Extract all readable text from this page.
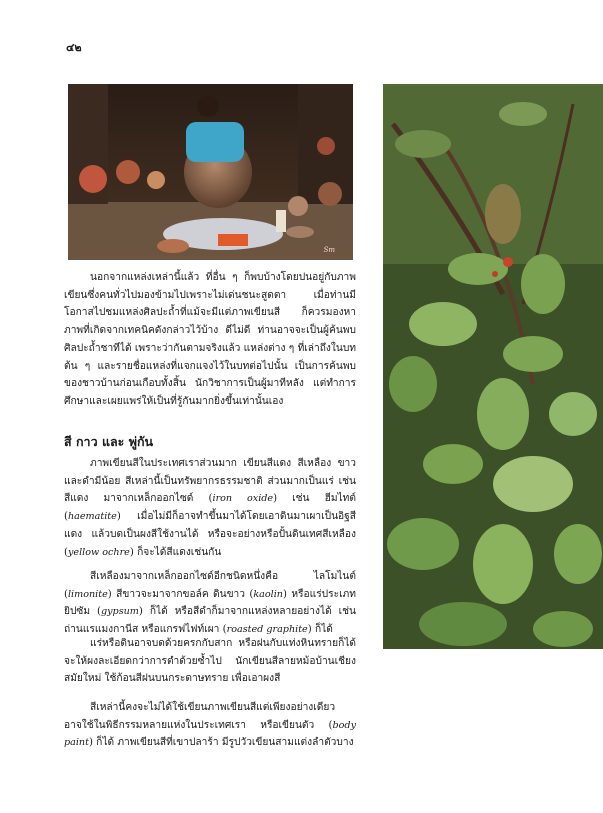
๔๒
Sm

นอกจากแหล่งเหล่านี้แล้ว ที่อื่น ๆ ก็พบบ้างโดยปนอยู่กับภาพเขียนซึ่งคนทั่วไปมองข้ามไปเพราะไม่เด่นชนะสูดตา เมื่อท่านมีโอกาสไปชมแหล่งศิลปะถ้ำที่แม้จะมีแต่ภาพเขียนสี ก็ควรมองหาภาพที่เกิดจากเทคนิคดังกล่าวไว้บ้าง ดีไม่ดี ท่านอาจจะเป็นผู้ค้นพบศิลปะถ้ำชาทีได้ เพราะว่ากันตามจริงแล้ว แหล่งต่าง ๆ ที่เล่าถึงในบทต้น ๆ และรายชื่อแหล่งที่แจกแจงไว้ในบทต่อไปนั้น เป็นการค้นพบของชาวบ้านก่อนเกือบทั้งสิ้น นักวิชาการเป็นผู้มาทีหลัง แต่ทำการศึกษาและเผยแพร่ให้เป็นที่รู้กันมากยิ่งขึ้นเท่านั้นเอง

สี กาว และ พู่กัน

ภาพเขียนสีในประเทศเราส่วนมาก เขียนสีแดง สีเหลือง ขาวและดำมีน้อย สีเหล่านี้เป็นทรัพยากรธรรมชาติ ส่วนมากเป็นแร่ เช่น สีแดง มาจากเหล็กออกไซด์ (iron oxide) เช่น ฮีมไทต์ (haematite) เมื่อไม่มีก็อาจทำขึ้นมาได้โดยเอาดินมาเผาเป็นอิฐสีแดง แล้วบดเป็นผงสีใช้งานได้ หรือจะอย่างหรือปั้นดินเทศสีเหลือง (yellow ochre) ก็จะได้สีแดงเช่นกัน

สีเหลืองมาจากเหล็กออกไซด์อีกชนิดหนึ่งคือ ไลโมไนต์ (limonite) สีขาวจะมาจากขอล์ค ดินขาว (kaolin) หรือแร่ประเภทยิปซัม (gypsum) ก็ได้ หรือสีดำก็มาจากแหล่งหลายอย่างได้ เช่น ถ่านแรแมงกานีส หรือแกรฟไฟท์เผา (roasted graphite) ก็ได้

แร่หรือดินอาจบดด้วยครกกับสาก หรือฝนกับแท่งหินทรายก็ได้ จะให้ผงละเอียดกว่าการตำด้วยซ้ำไป นักเขียนสีลายหม้อบ้านเชียงสมัยใหม่ ใช้ก้อนสีฝนบนกระดาษทราย เพื่อเอาผงสี

สีเหล่านี้คงจะไม่ได้ใช้เขียนภาพเขียนสีแต่เพียงอย่างเดียว อาจใช้ในพิธีกรรมหลายแห่งในประเทศเรา หรือเขียนตัว (body paint) ก็ได้ ภาพเขียนสีที่เขาปลาร้า มีรูปวัวเขียนสามแต่งลำตัวบาง
